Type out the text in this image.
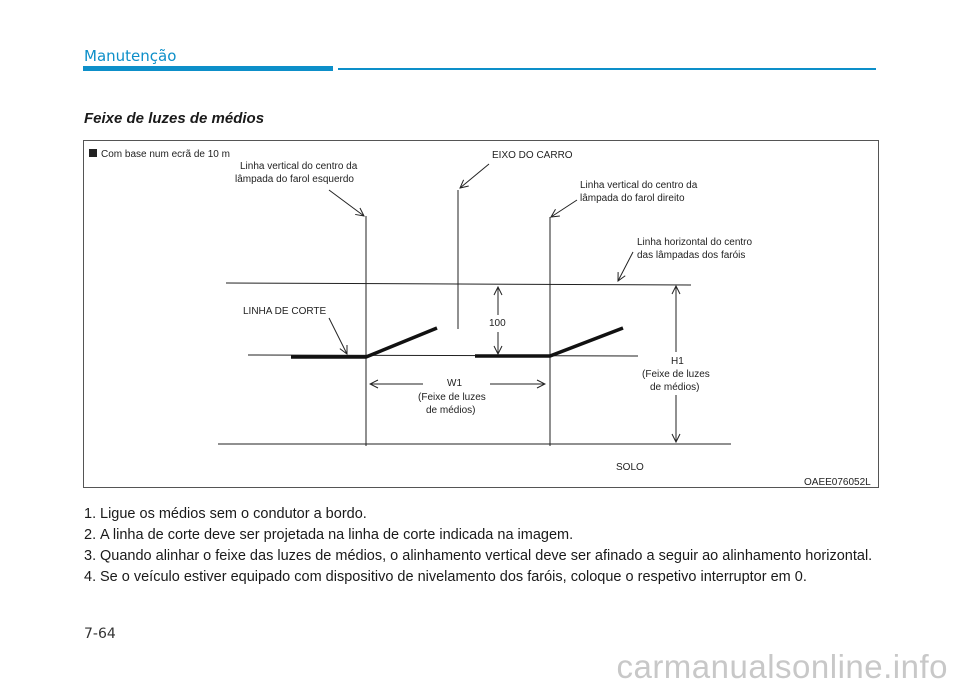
Manutenção
Feixe de luzes de médios
Com base num ecrã de 10 m
Linha vertical do centro da
lâmpada do farol esquerdo
EIXO DO CARRO
Linha vertical do centro da
lâmpada do farol direito
Linha horizontal do centro
das lâmpadas dos faróis
LINHA DE CORTE
100
H1
(Feixe de luzes
de médios)
W1
(Feixe de luzes
de médios)
SOLO
OAEE076052L
1. Ligue os médios sem o condutor a bordo.
2. A linha de corte deve ser projetada na linha de corte indicada na imagem.
3. Quando alinhar o feixe das luzes de médios, o alinhamento vertical deve ser afinado a seguir ao alinhamento horizontal.
4. Se o veículo estiver equipado com dispositivo de nivelamento dos faróis, coloque o respetivo interruptor em 0.
7-64
carmanualsonline.info
